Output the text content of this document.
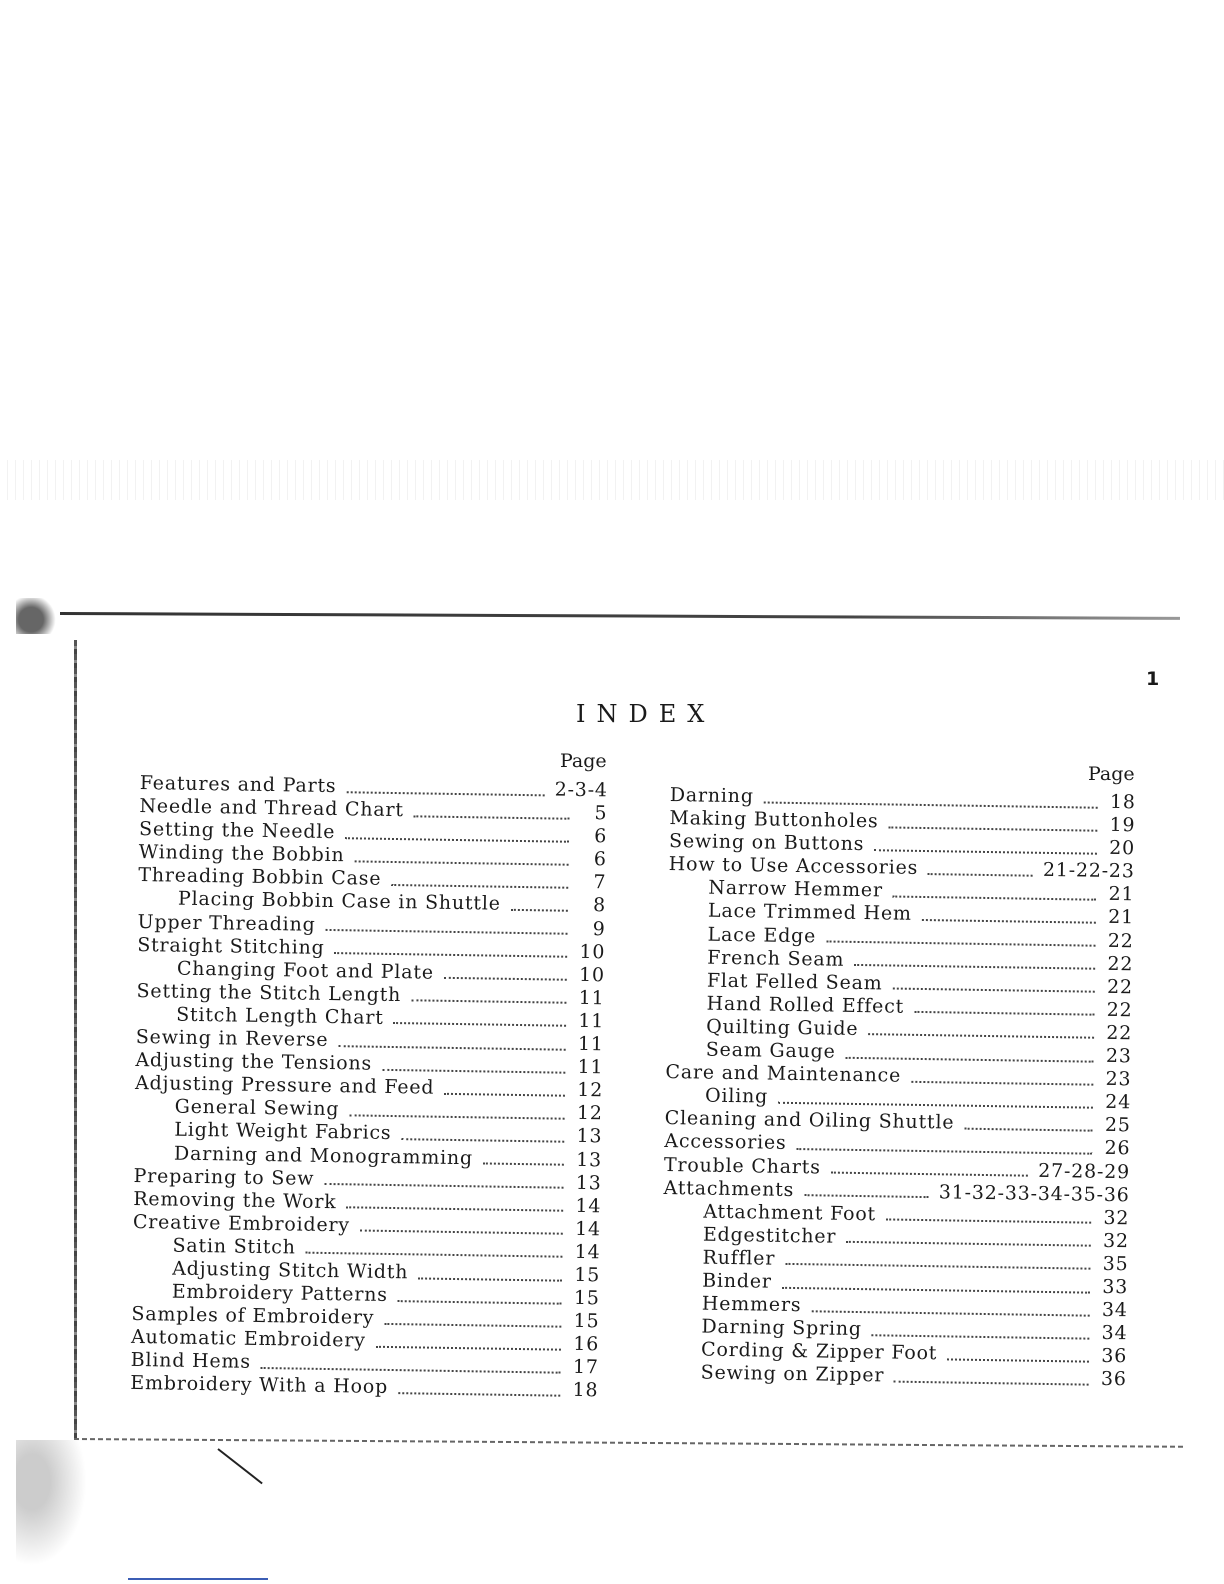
1
INDEX
Page
Page
Features and Parts	2-3-4
Needle and Thread Chart	5
Setting the Needle	6
Winding the Bobbin	6
Threading Bobbin Case	7
Placing Bobbin Case in Shuttle	8
Upper Threading	9
Straight Stitching	10
Changing Foot and Plate	10
Setting the Stitch Length	11
Stitch Length Chart	11
Sewing in Reverse	11
Adjusting the Tensions	11
Adjusting Pressure and Feed	12
General Sewing	12
Light Weight Fabrics	13
Darning and Monogramming	13
Preparing to Sew	13
Removing the Work	14
Creative Embroidery	14
Satin Stitch	14
Adjusting Stitch Width	15
Embroidery Patterns	15
Samples of Embroidery	15
Automatic Embroidery	16
Blind Hems	17
Embroidery With a Hoop	18
Darning	18
Making Buttonholes	19
Sewing on Buttons	20
How to Use Accessories	21-22-23
Narrow Hemmer	21
Lace Trimmed Hem	21
Lace Edge	22
French Seam	22
Flat Felled Seam	22
Hand Rolled Effect	22
Quilting Guide	22
Seam Gauge	23
Care and Maintenance	23
Oiling	24
Cleaning and Oiling Shuttle	25
Accessories	26
Trouble Charts	27-28-29
Attachments	31-32-33-34-35-36
Attachment Foot	32
Edgestitcher	32
Ruffler	35
Binder	33
Hemmers	34
Darning Spring	34
Cording & Zipper Foot	36
Sewing on Zipper	36
